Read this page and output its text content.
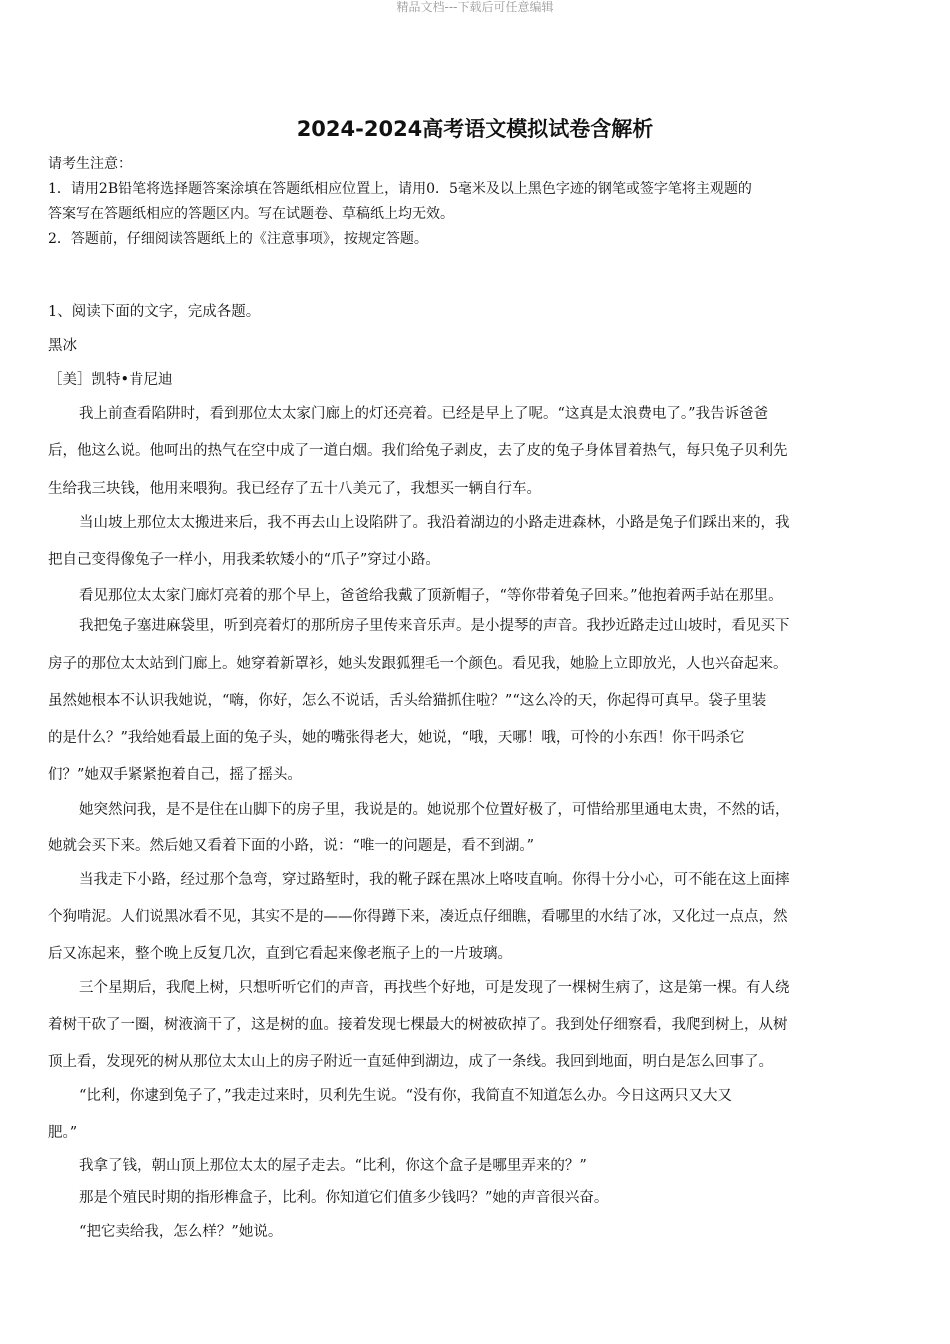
精品文档---下载后可任意编辑
2024-2024高考语文模拟试卷含解析
请考生注意：
1．请用2B铅笔将选择题答案涂填在答题纸相应位置上，请用0．5毫米及以上黑色字迹的钢笔或签字笔将主观题的
答案写在答题纸相应的答题区内。写在试题卷、草稿纸上均无效。
2．答题前，仔细阅读答题纸上的《注意事项》，按规定答题。
1、阅读下面的文字，完成各题。
黑冰
［美］凯特•肯尼迪
我上前查看陷阱时，看到那位太太家门廊上的灯还亮着。已经是早上了呢。“这真是太浪费电了。”我告诉爸爸
后，他这么说。他呵出的热气在空中成了一道白烟。我们给兔子剥皮，去了皮的兔子身体冒着热气，每只兔子贝利先
生给我三块钱，他用来喂狗。我已经存了五十八美元了，我想买一辆自行车。
当山坡上那位太太搬进来后，我不再去山上设陷阱了。我沿着湖边的小路走进森林，小路是兔子们踩出来的，我
把自己变得像兔子一样小，用我柔软矮小的“爪子”穿过小路。
看见那位太太家门廊灯亮着的那个早上，爸爸给我戴了顶新帽子，“等你带着兔子回来。”他抱着两手站在那里。
我把兔子塞进麻袋里，听到亮着灯的那所房子里传来音乐声。是小提琴的声音。我抄近路走过山坡时，看见买下
房子的那位太太站到门廊上。她穿着新罩衫，她头发跟狐狸毛一个颜色。看见我，她脸上立即放光，人也兴奋起来。
虽然她根本不认识我她说，“嗨，你好，怎么不说话，舌头给猫抓住啦？”“这么冷的天，你起得可真早。袋子里装
的是什么？”我给她看最上面的兔子头，她的嘴张得老大，她说，“哦，天哪！哦，可怜的小东西！你干吗杀它
们？”她双手紧紧抱着自己，摇了摇头。
她突然问我，是不是住在山脚下的房子里，我说是的。她说那个位置好极了，可惜给那里通电太贵，不然的话，
她就会买下来。然后她又看着下面的小路，说：“唯一的问题是，看不到湖。”
当我走下小路，经过那个急弯，穿过路堑时，我的靴子踩在黑冰上咯吱直响。你得十分小心，可不能在这上面摔
个狗啃泥。人们说黑冰看不见，其实不是的——你得蹲下来，凑近点仔细瞧，看哪里的水结了冰，又化过一点点，然
后又冻起来，整个晚上反复几次，直到它看起来像老瓶子上的一片玻璃。
三个星期后，我爬上树，只想听听它们的声音，再找些个好地，可是发现了一棵树生病了，这是第一棵。有人绕
着树干砍了一圈，树液滴干了，这是树的血。接着发现七棵最大的树被砍掉了。我到处仔细察看，我爬到树上，从树
顶上看，发现死的树从那位太太山上的房子附近一直延伸到湖边，成了一条线。我回到地面，明白是怎么回事了。
“比利，你逮到兔子了，”我走过来时，贝利先生说。“没有你，我简直不知道怎么办。今日这两只又大又
肥。”
我拿了钱，朝山顶上那位太太的屋子走去。“比利，你这个盒子是哪里弄来的？”
那是个殖民时期的指形榫盒子，比利。你知道它们值多少钱吗？”她的声音很兴奋。
“把它卖给我，怎么样？”她说。
